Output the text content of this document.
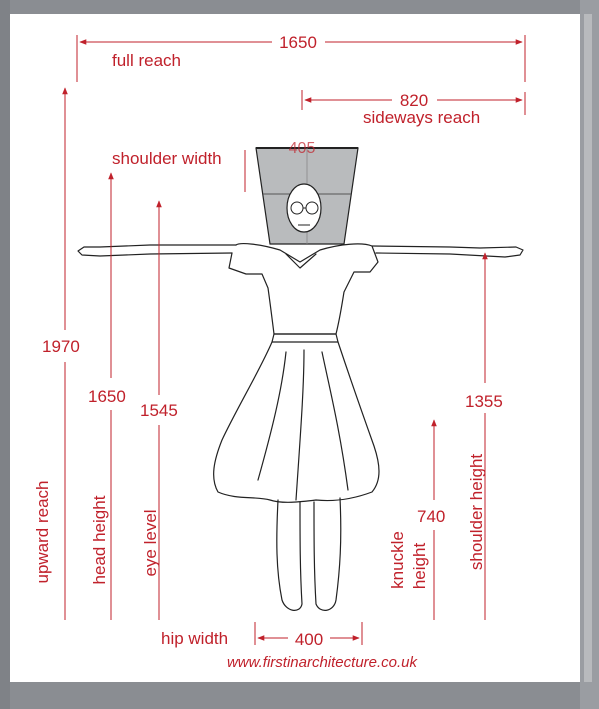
1650
full reach
820
sideways reach
405
shoulder width
1970
upward reach
1650
head height
1545
eye level
1355
shoulder height
740
knuckle height
hip width	400
www.firstinarchitecture.co.uk
